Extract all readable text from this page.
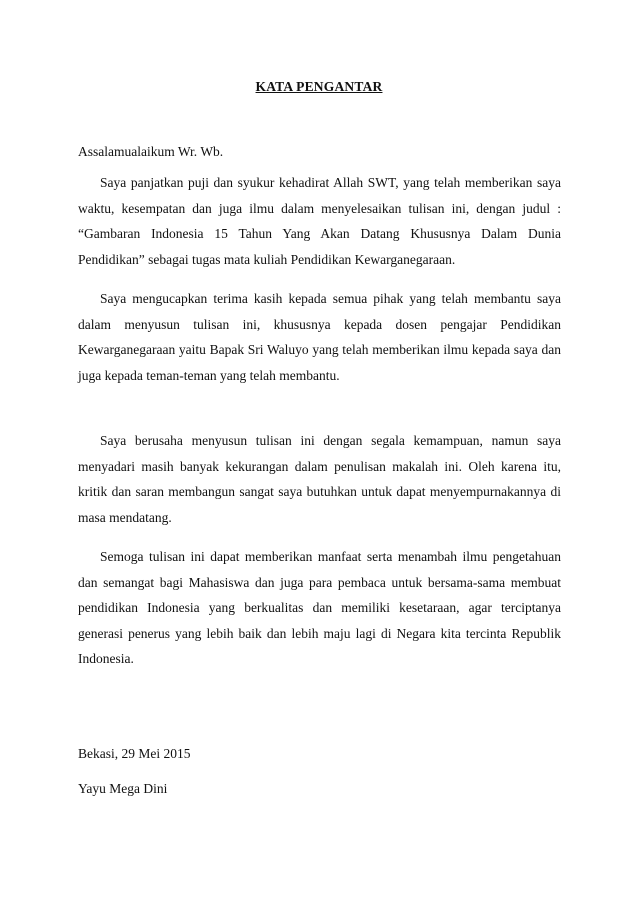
KATA PENGANTAR
Assalamualaikum Wr. Wb.

Saya panjatkan puji dan syukur kehadirat Allah SWT, yang telah memberikan saya waktu, kesempatan dan juga ilmu dalam menyelesaikan tulisan ini, dengan judul : “Gambaran Indonesia 15 Tahun Yang Akan Datang Khususnya Dalam Dunia Pendidikan” sebagai tugas mata kuliah Pendidikan Kewarganegaraan.

Saya mengucapkan terima kasih kepada semua pihak yang telah membantu saya dalam menyusun tulisan ini, khususnya kepada dosen pengajar Pendidikan Kewarganegaraan yaitu Bapak Sri Waluyo yang telah memberikan ilmu kepada saya dan juga kepada teman-teman yang telah membantu.

Saya berusaha menyusun tulisan ini dengan segala kemampuan, namun saya menyadari masih banyak kekurangan dalam penulisan makalah ini. Oleh karena itu, kritik dan saran membangun sangat saya butuhkan untuk dapat menyempurnakannya di masa mendatang.

Semoga tulisan ini dapat memberikan manfaat serta menambah ilmu pengetahuan dan semangat bagi Mahasiswa dan juga para pembaca untuk bersama-sama membuat pendidikan Indonesia yang berkualitas dan memiliki kesetaraan, agar terciptanya generasi penerus yang lebih baik dan lebih maju lagi di Negara kita tercinta Republik Indonesia.

Bekasi, 29 Mei 2015
Yayu Mega Dini
